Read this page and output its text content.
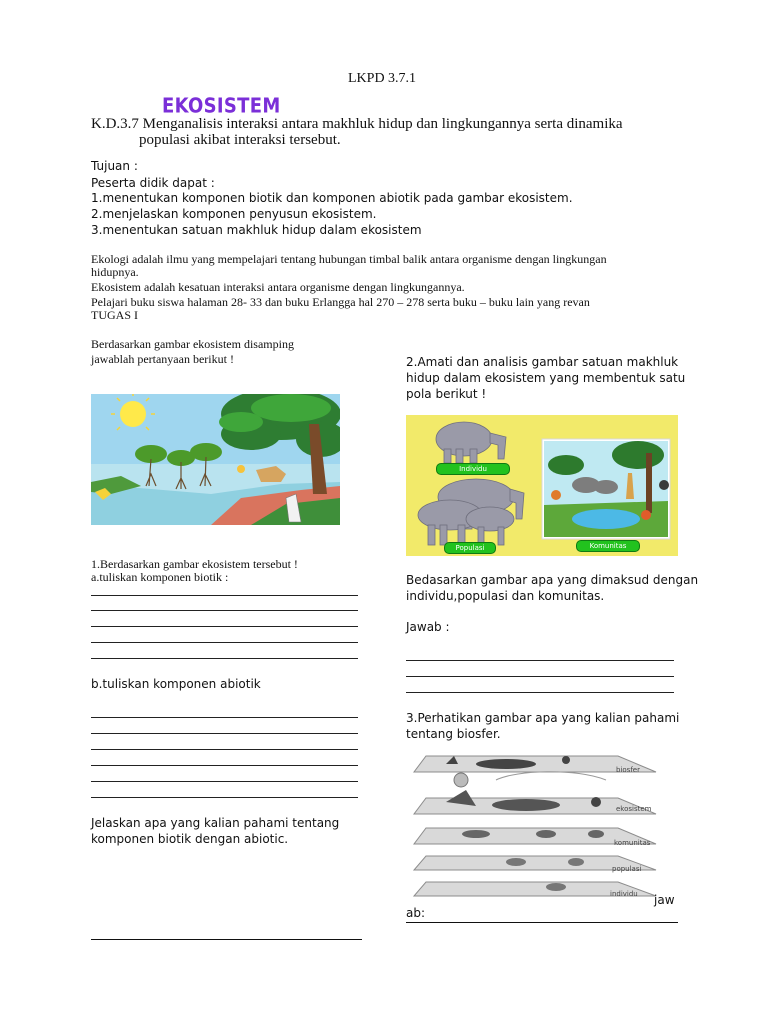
LKPD 3.7.1
EKOSISTEM
K.D.3.7 Menganalisis interaksi antara makhluk hidup dan lingkungannya serta dinamika
populasi akibat interaksi tersebut.
Tujuan :
Peserta didik dapat :
1.menentukan komponen biotik dan komponen abiotik pada gambar ekosistem.
2.menjelaskan komponen penyusun ekosistem.
3.menentukan satuan makhluk hidup dalam ekosistem
Ekologi adalah ilmu yang mempelajari tentang hubungan timbal balik antara organisme dengan lingkungan
hidupnya.
Ekosistem adalah kesatuan interaksi antara organisme dengan lingkungannya.
Pelajari buku siswa halaman 28- 33 dan buku Erlangga hal 270 – 278 serta buku – buku lain yang revan
TUGAS I
Berdasarkan gambar ekosistem disamping
jawablah pertanyaan berikut !
1.Berdasarkan gambar ekosistem tersebut !
a.tuliskan komponen biotik :
b.tuliskan komponen abiotik
Jelaskan apa yang kalian pahami tentang
komponen biotik dengan abiotic.
2.Amati dan analisis gambar satuan makhluk
hidup dalam ekosistem yang membentuk satu
pola berikut !
Individu
Populasi	Komunitas
Bedasarkan gambar apa yang dimaksud dengan
individu,populasi dan komunitas.
Jawab :
3.Perhatikan gambar apa yang kalian pahami
tentang biosfer.
biosfer
ekosistem
komunitas
populasi
individu jaw
ab:
